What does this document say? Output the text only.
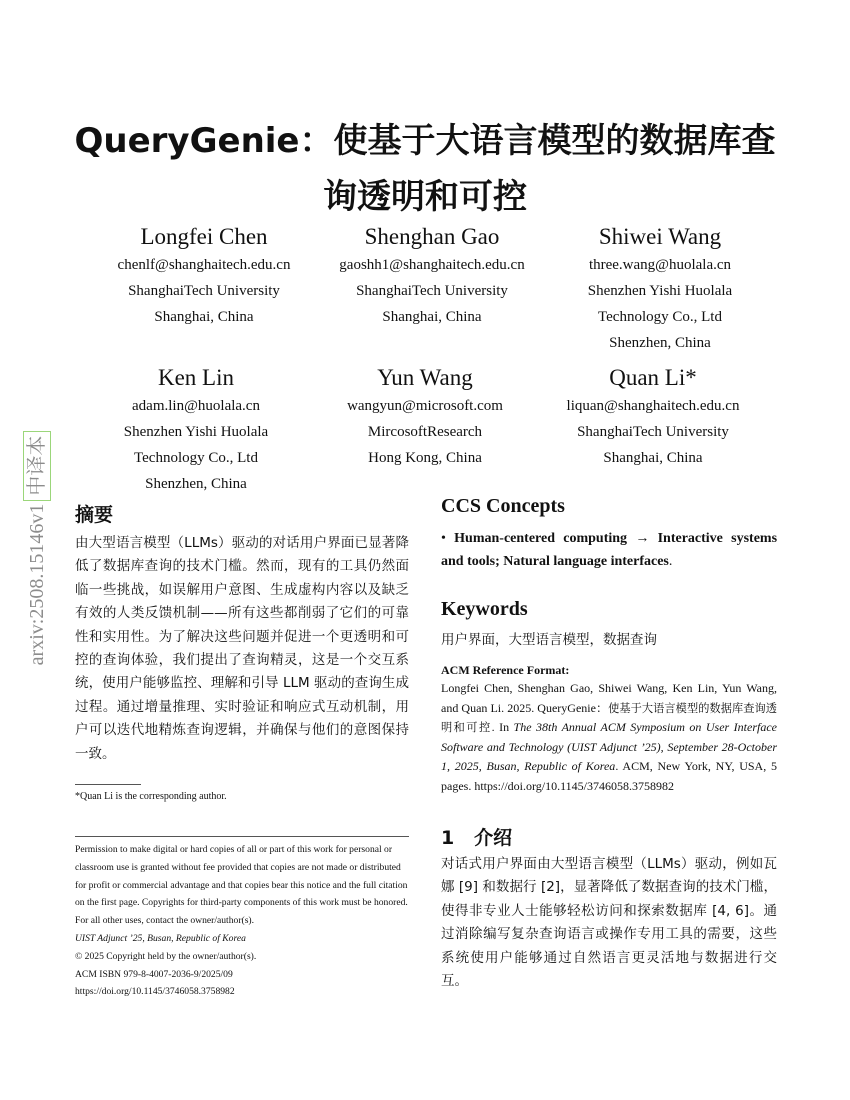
arxiv:2508.15146v1
中译本
QueryGenie：使基于大语言模型的数据库查询透明和可控
Longfei Chen
chenlf@shanghaitech.edu.cn
ShanghaiTech University
Shanghai, China
Shenghan Gao
gaoshh1@shanghaitech.edu.cn
ShanghaiTech University
Shanghai, China
Shiwei Wang
three.wang@huolala.cn
Shenzhen Yishi Huolala
Technology Co., Ltd
Shenzhen, China
Ken Lin
adam.lin@huolala.cn
Shenzhen Yishi Huolala
Technology Co., Ltd
Shenzhen, China
Yun Wang
wangyun@microsoft.com
MircosoftResearch
Hong Kong, China
Quan Li*
liquan@shanghaitech.edu.cn
ShanghaiTech University
Shanghai, China
摘要

由大型语言模型（LLMs）驱动的对话用户界面已显著降低了数据库查询的技术门槛。然而，现有的工具仍然面临一些挑战，如误解用户意图、生成虚构内容以及缺乏有效的人类反馈机制——所有这些都削弱了它们的可靠性和实用性。为了解决这些问题并促进一个更透明和可控的查询体验，我们提出了查询精灵，这是一个交互系统，使用户能够监控、理解和引导 LLM 驱动的查询生成过程。通过增量推理、实时验证和响应式互动机制，用户可以迭代地精炼查询逻辑，并确保与他们的意图保持一致。

*Quan Li is the corresponding author.
Permission to make digital or hard copies of all or part of this work for personal or classroom use is granted without fee provided that copies are not made or distributed for profit or commercial advantage and that copies bear this notice and the full citation on the first page. Copyrights for third-party components of this work must be honored. For all other uses, contact the owner/author(s).
UIST Adjunct ’25, Busan, Republic of Korea
© 2025 Copyright held by the owner/author(s).
ACM ISBN 979-8-4007-2036-9/2025/09
https://doi.org/10.1145/3746058.3758982
CCS Concepts

• Human-centered computing → Interactive systems and tools; Natural language interfaces.

Keywords

用户界面，大型语言模型，数据查询

ACM Reference Format:

Longfei Chen, Shenghan Gao, Shiwei Wang, Ken Lin, Yun Wang, and Quan Li. 2025. QueryGenie：使基于大语言模型的数据库查询透明和可控. In The 38th Annual ACM Symposium on User Interface Software and Technology (UIST Adjunct ’25), September 28-October 1, 2025, Busan, Republic of Korea. ACM, New York, NY, USA, 5 pages. https://doi.org/10.1145/3746058.3758982

1 介绍

对话式用户界面由大型语言模型（LLMs）驱动，例如瓦娜 [9] 和数据行 [2]，显著降低了数据查询的技术门槛，使得非专业人士能够轻松访问和探索数据库 [4, 6]。通过消除编写复杂查询语言或操作专用工具的需要，这些系统使用户能够通过自然语言更灵活地与数据进行交互。
